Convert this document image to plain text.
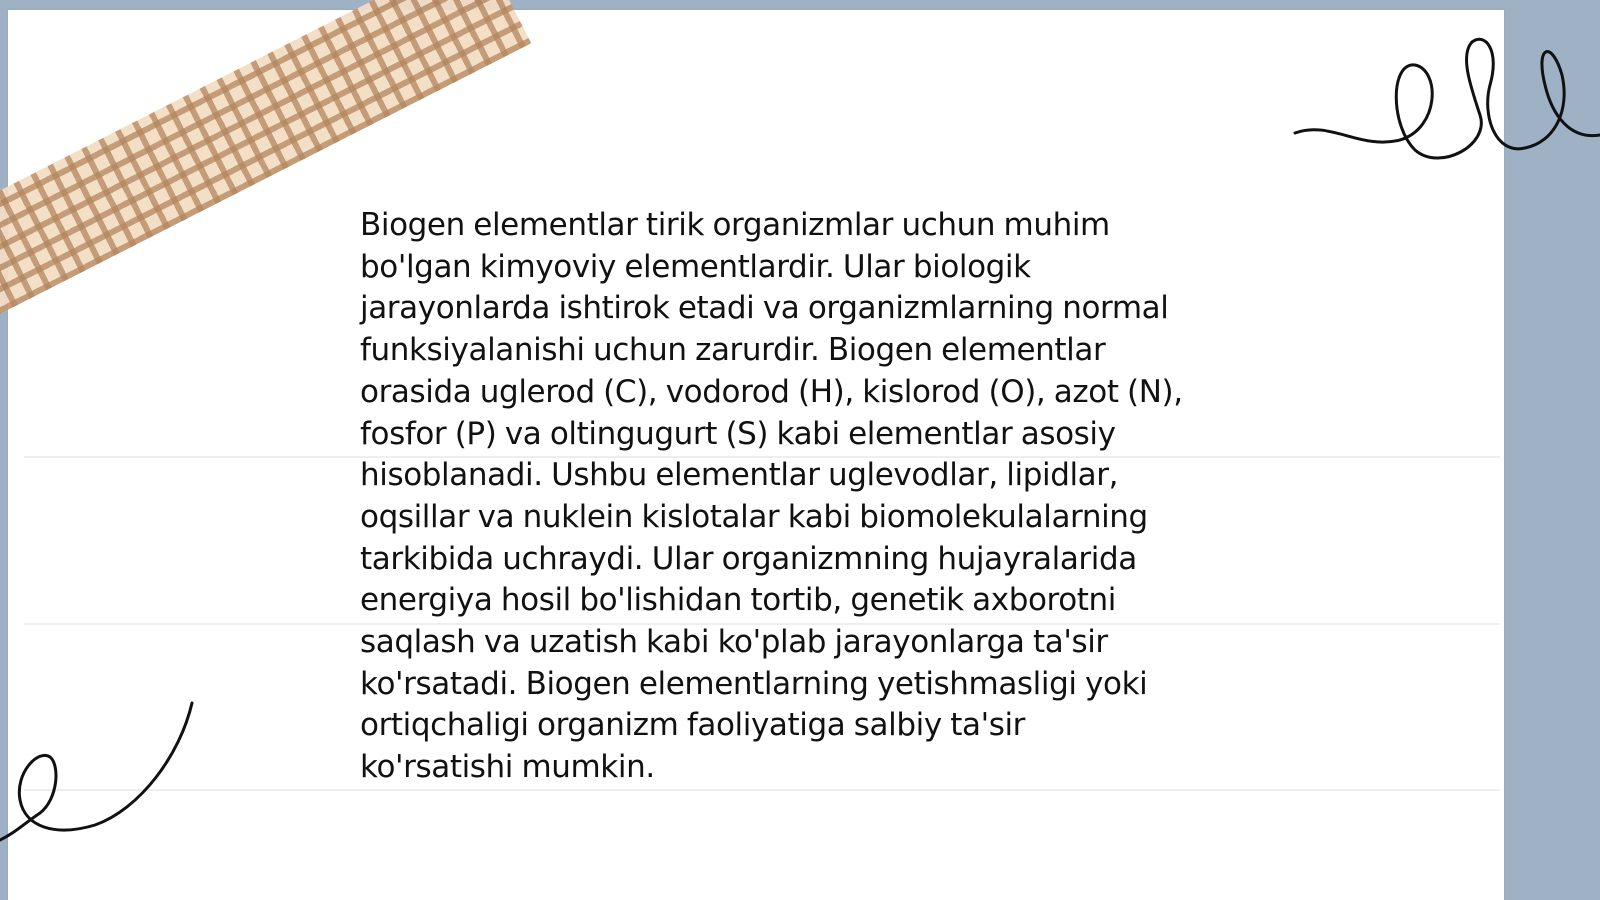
Biogen elementlar tirik organizmlar uchun muhim
bo'lgan kimyoviy elementlardir. Ular biologik
jarayonlarda ishtirok etadi va organizmlarning normal
funksiyalanishi uchun zarurdir. Biogen elementlar
orasida uglerod (C), vodorod (H), kislorod (O), azot (N),
fosfor (P) va oltingugurt (S) kabi elementlar asosiy
hisoblanadi. Ushbu elementlar uglevodlar, lipidlar,
oqsillar va nuklein kislotalar kabi biomolekulalarning
tarkibida uchraydi. Ular organizmning hujayralarida
energiya hosil bo'lishidan tortib, genetik axborotni
saqlash va uzatish kabi ko'plab jarayonlarga ta'sir
ko'rsatadi. Biogen elementlarning yetishmasligi yoki
ortiqchaligi organizm faoliyatiga salbiy ta'sir
ko'rsatishi mumkin.
